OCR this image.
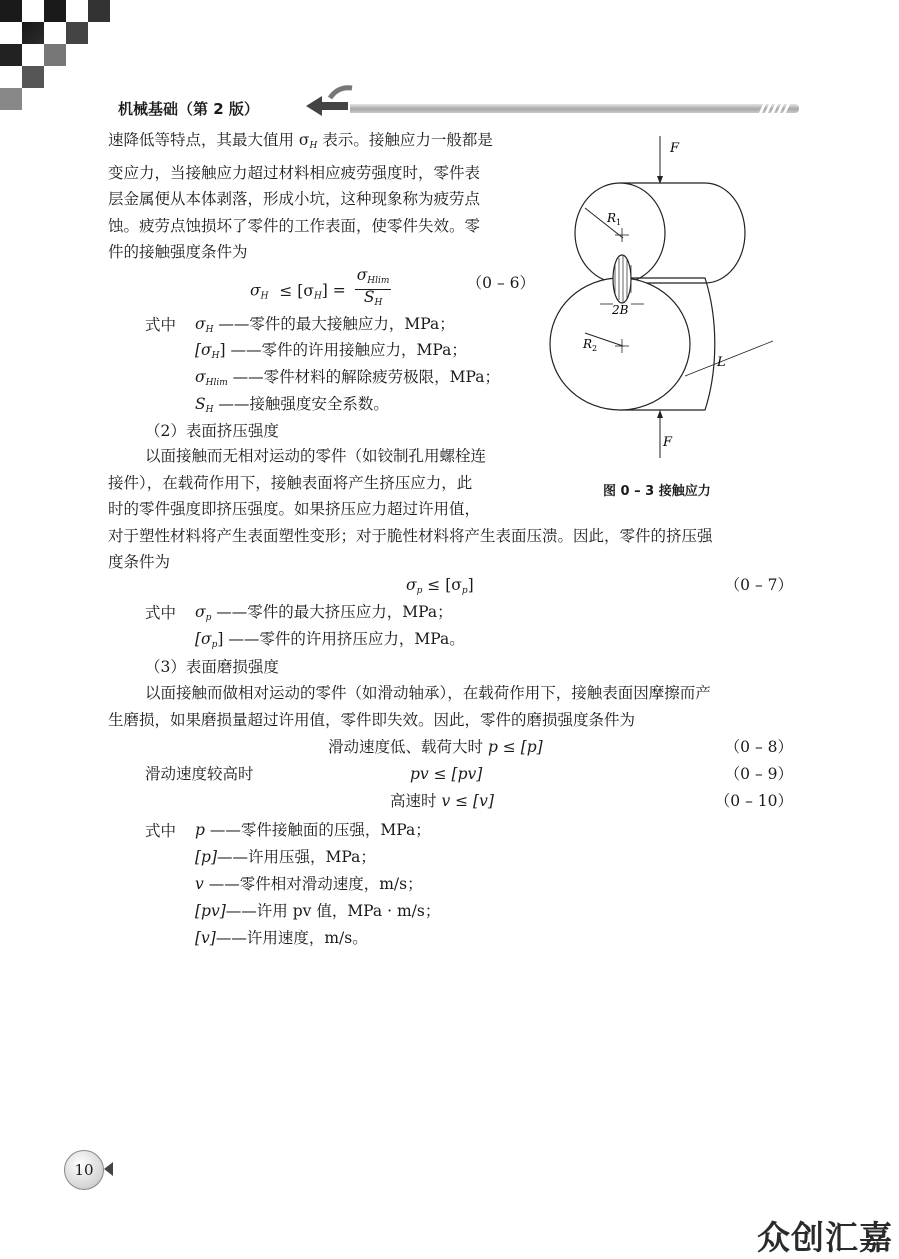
机械基础（第 2 版）
速降低等特点，其最大值用 $\sigma_H$ 表示。接触应力一般都是
变应力，当接触应力超过材料相应疲劳强度时，零件表
层金属便从本体剥落，形成小坑，这种现象称为疲劳点
蚀。疲劳点蚀损坏了零件的工作表面，使零件失效。零
件的接触强度条件为
$\sigma_H \le [\sigma_H] = \frac{\sigma_{Hlim}}{S_H}$	（0 – 6）
式中 $\sigma_H$ ——零件的最大接触应力，MPa；
$[\sigma_H]$ ——零件的许用接触应力，MPa；
$\sigma_{Hlim}$ ——零件材料的解除疲劳极限，MPa；
$S_H$ ——接触强度安全系数。
（2）表面挤压强度
以面接触而无相对运动的零件（如铰制孔用螺栓连
接件），在载荷作用下，接触表面将产生挤压应力，此
时的零件强度即挤压强度。如果挤压应力超过许用值，
对于塑性材料将产生表面塑性变形；对于脆性材料将产生表面压溃。因此，零件的挤压强
度条件为
$\sigma_p \le [\sigma_p]$	（0 – 7）
式中 $\sigma_p$ ——零件的最大挤压应力，MPa；
$[\sigma_p]$ ——零件的许用挤压应力，MPa。
（3）表面磨损强度
以面接触而做相对运动的零件（如滑动轴承），在载荷作用下，接触表面因摩擦而产
生磨损，如果磨损量超过许用值，零件即失效。因此，零件的磨损强度条件为
滑动速度低、载荷大时 p ≤ [p]	（0 – 8）
滑动速度较高时	pv ≤ [pv]	（0 – 9）
高速时 v ≤ [v]	（0 – 10）
式中 p ——零件接触面的压强，MPa；
[p]——许用压强，MPa；
v ——零件相对滑动速度，m/s；
[pv]——许用 pv 值，MPa · m/s；
[v]——许用速度，m/s。
F
R 1
R 2
2B
L
F
图 0 – 3 接触应力
10
众创汇嘉
